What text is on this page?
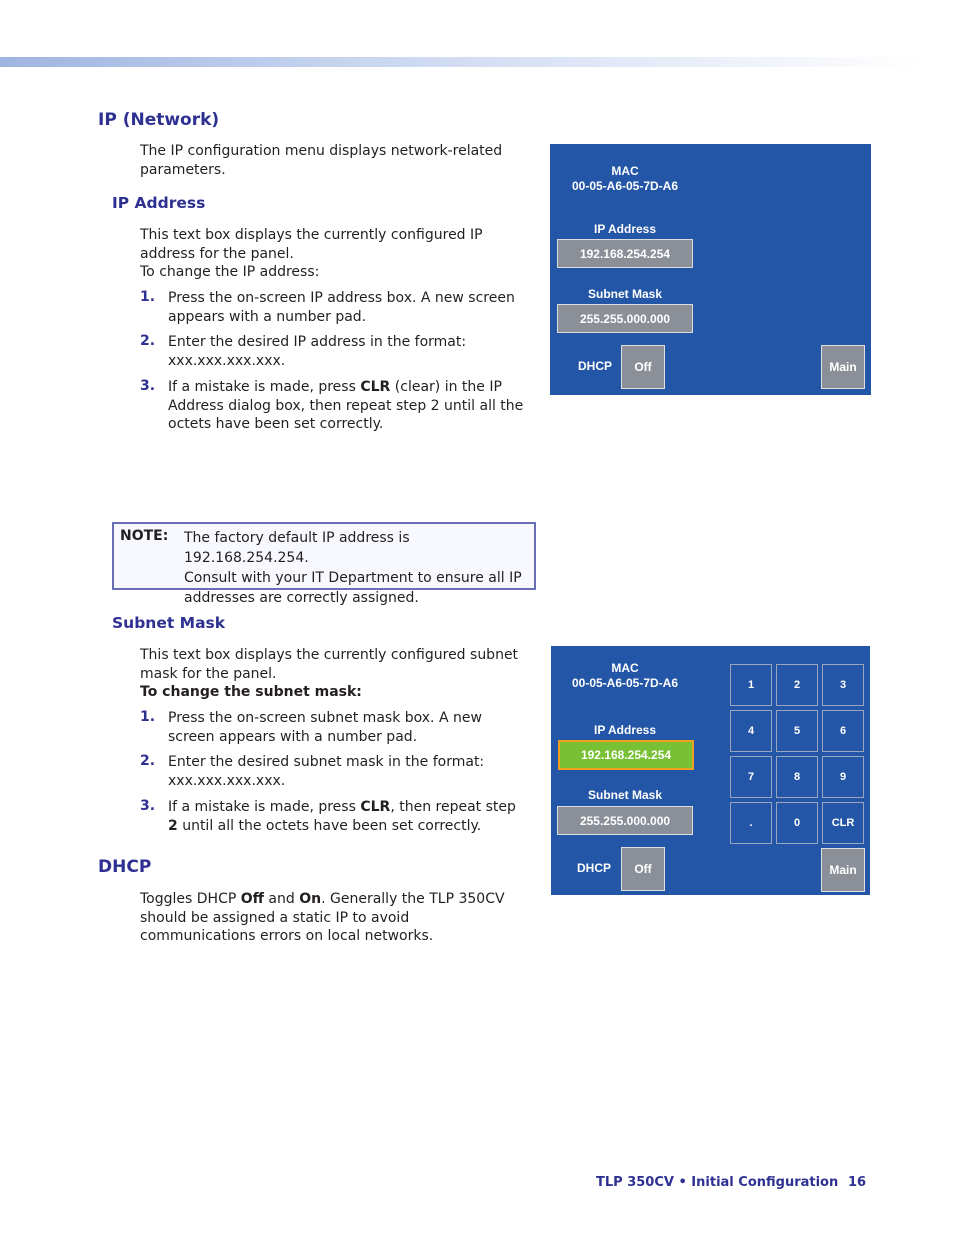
IP (Network)
The IP configuration menu displays network-related parameters.
IP Address
This text box displays the currently configured IP address for the panel.
To change the IP address:
1. Press the on-screen IP address box. A new screen appears with a number pad.
2. Enter the desired IP address in the format: xxx.xxx.xxx.xxx.
3. If a mistake is made, press CLR (clear) in the IP Address dialog box, then repeat step 2 until all the octets have been set correctly.
MAC
00-05-A6-05-7D-A6
IP Address
192.168.254.254
Subnet Mask
255.255.000.000
DHCP	Off	Main
NOTE: The factory default IP address is 192.168.254.254.
Consult with your IT Department to ensure all IP addresses are correctly assigned.
Subnet Mask
This text box displays the currently configured subnet mask for the panel.
To change the subnet mask:
1. Press the on-screen subnet mask box. A new screen appears with a number pad.
2. Enter the desired subnet mask in the format: xxx.xxx.xxx.xxx.
3. If a mistake is made, press CLR, then repeat step 2 until all the octets have been set correctly.
DHCP
Toggles DHCP Off and On. Generally the TLP 350CV should be assigned a static IP to avoid communications errors on local networks.
MAC
00-05-A6-05-7D-A6
IP Address
192.168.254.254
Subnet Mask
255.255.000.000
DHCP	Off	Main
1	2	3
4	5	6
7	8	9
.	0	CLR
TLP 350CV • Initial Configuration 16
